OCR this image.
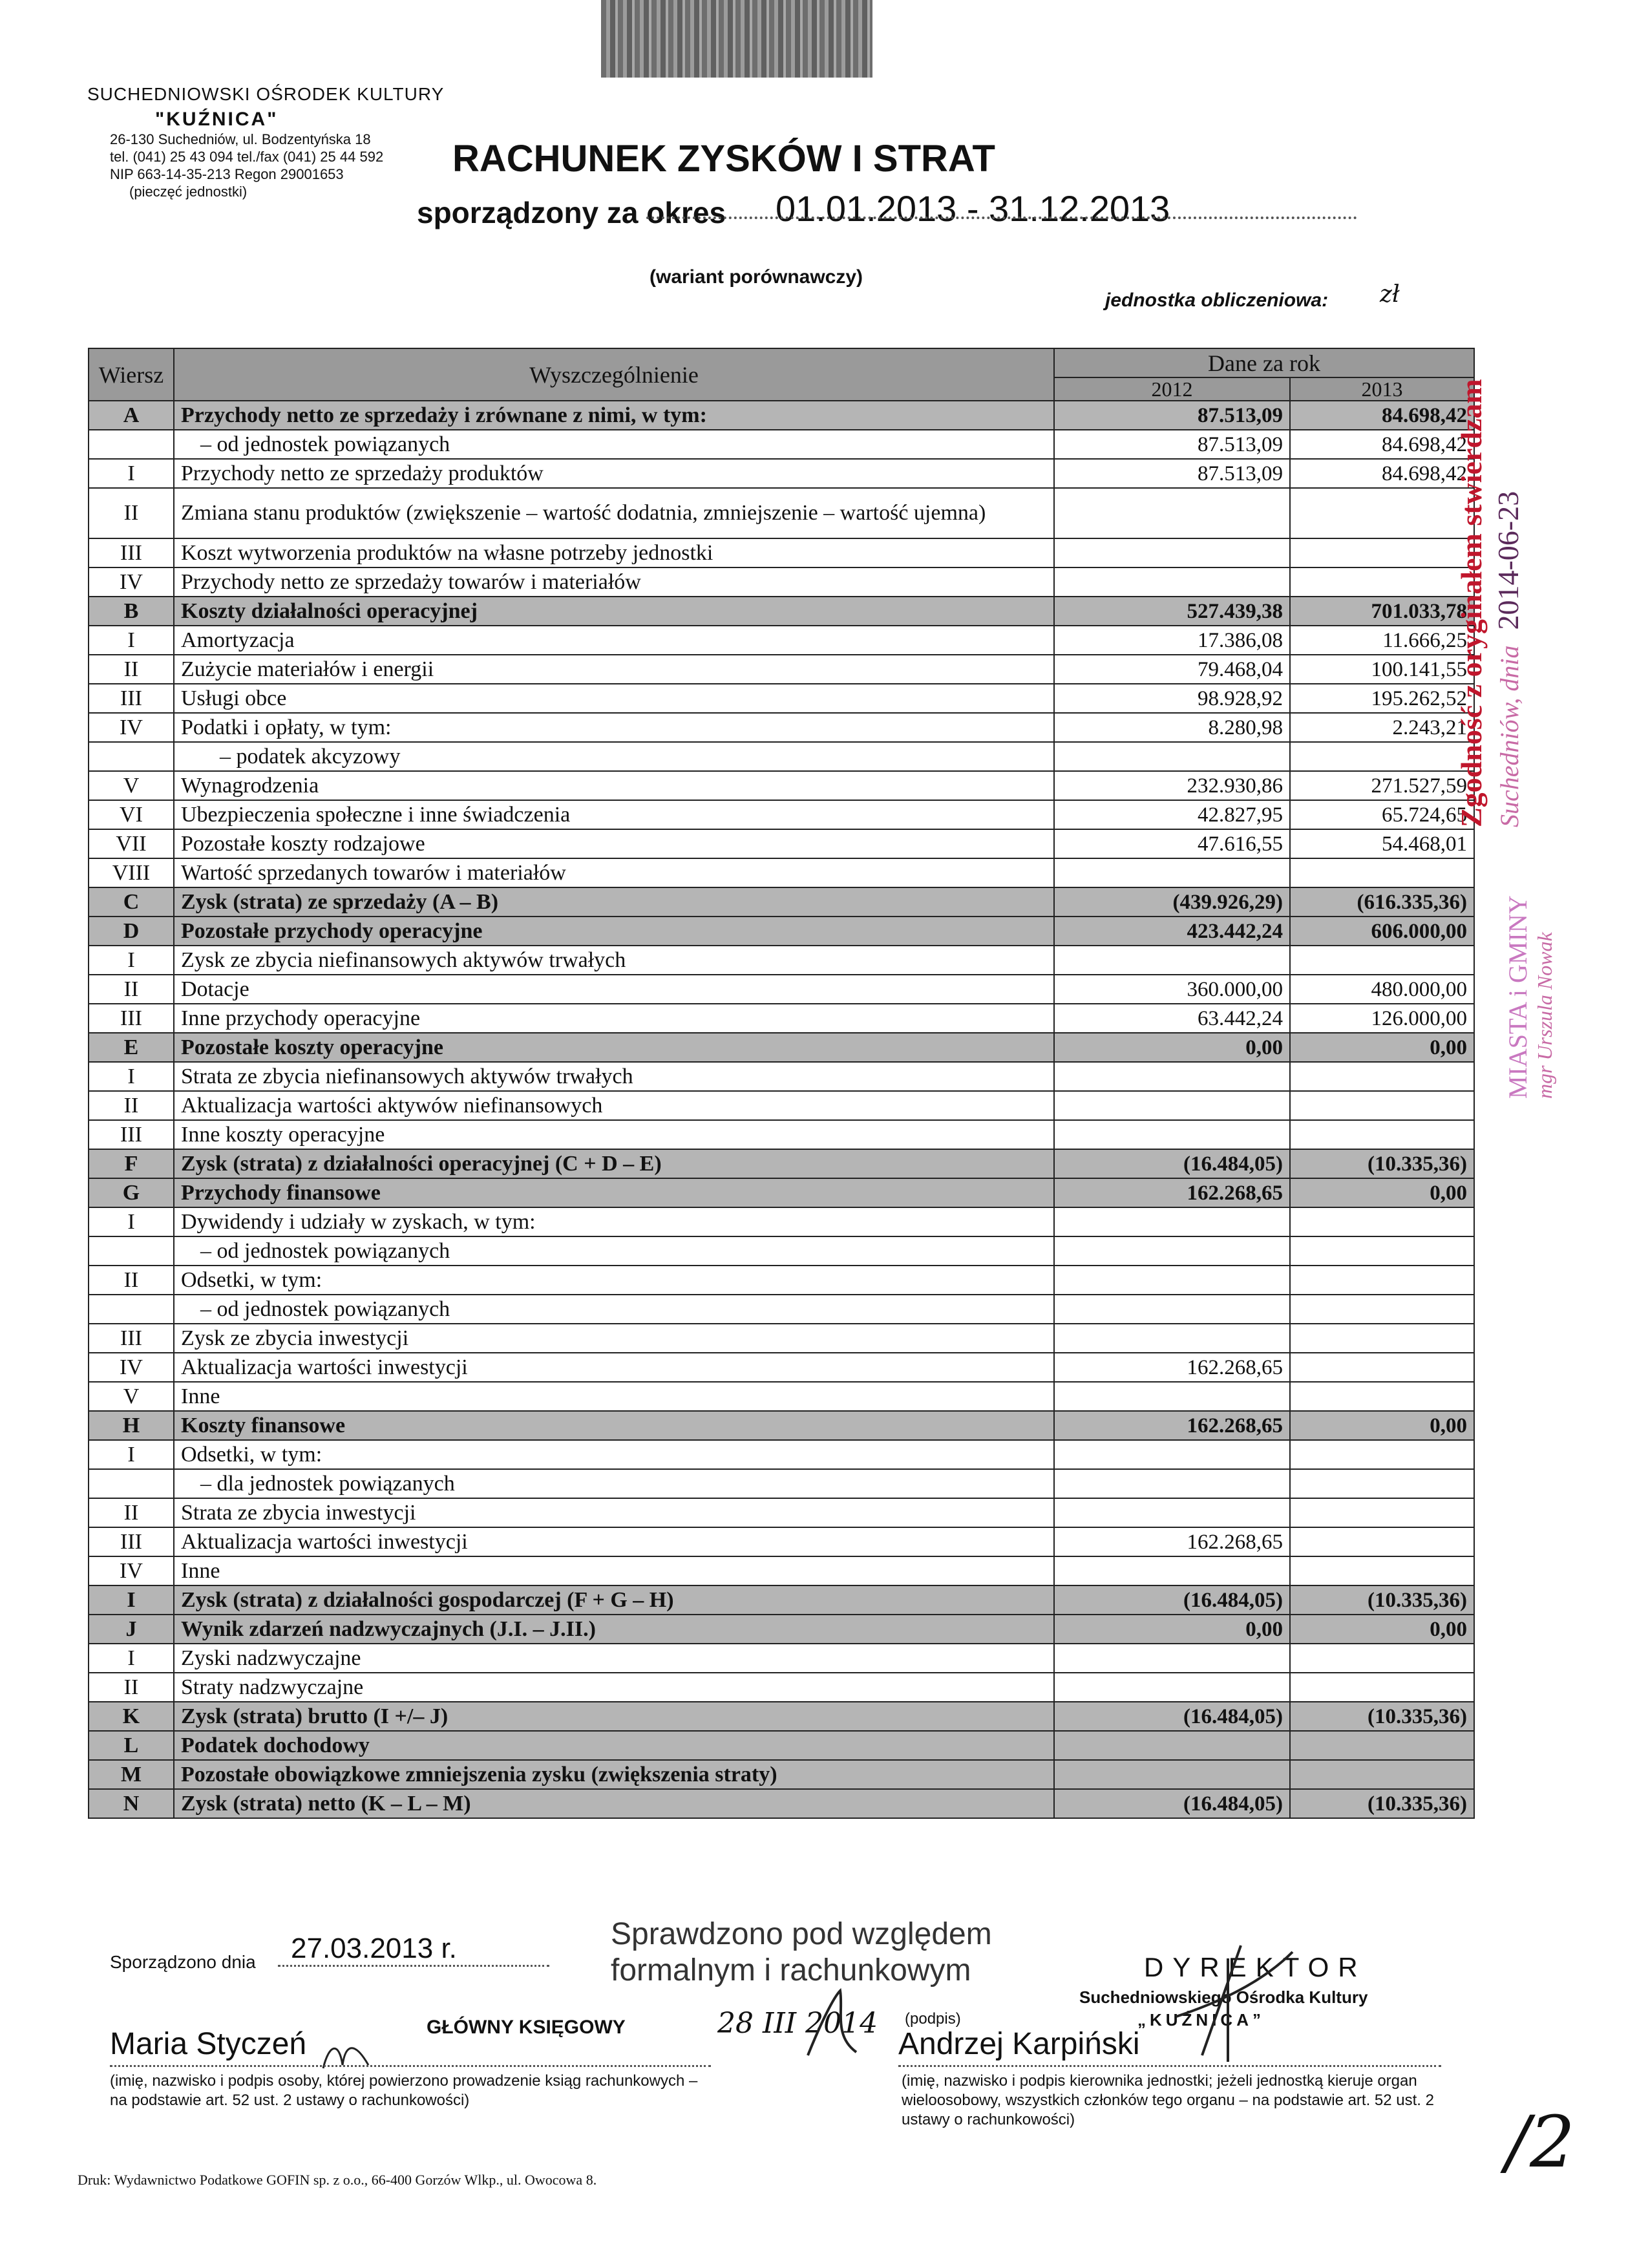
SUCHEDNIOWSKI OŚRODEK KULTURY
"KUŹNICA"
26-130 Suchedniów, ul. Bodzentyńska 18
tel. (041) 25 43 094 tel./fax (041) 25 44 592
NIP 663-14-35-213 Regon 29001653
(pieczęć jednostki)
RACHUNEK ZYSKÓW I STRAT
sporządzony za okres 01.01.2013 - 31.12.2013
(wariant porównawczy)
jednostka obliczeniowa: zł
Wiersz	Wyszczególnienie	Dane za rok	
		2012	2013
A	Przychody netto ze sprzedaży i zrównane z nimi, w tym:	87.513,09	84.698,42
	– od jednostek powiązanych	87.513,09	84.698,42
I	Przychody netto ze sprzedaży produktów	87.513,09	84.698,42
II	Zmiana stanu produktów (zwiększenie – wartość dodatnia, zmniejszenie – wartość ujemna)		
III	Koszt wytworzenia produktów na własne potrzeby jednostki		
IV	Przychody netto ze sprzedaży towarów i materiałów		
B	Koszty działalności operacyjnej	527.439,38	701.033,78
I	Amortyzacja	17.386,08	11.666,25
II	Zużycie materiałów i energii	79.468,04	100.141,55
III	Usługi obce	98.928,92	195.262,52
IV	Podatki i opłaty, w tym:	8.280,98	2.243,21
	– podatek akcyzowy		
V	Wynagrodzenia	232.930,86	271.527,59
VI	Ubezpieczenia społeczne i inne świadczenia	42.827,95	65.724,65
VII	Pozostałe koszty rodzajowe	47.616,55	54.468,01
VIII	Wartość sprzedanych towarów i materiałów		
C	Zysk (strata) ze sprzedaży (A – B)	(439.926,29)	(616.335,36)
D	Pozostałe przychody operacyjne	423.442,24	606.000,00
I	Zysk ze zbycia niefinansowych aktywów trwałych		
II	Dotacje	360.000,00	480.000,00
III	Inne przychody operacyjne	63.442,24	126.000,00
E	Pozostałe koszty operacyjne	0,00	0,00
I	Strata ze zbycia niefinansowych aktywów trwałych		
II	Aktualizacja wartości aktywów niefinansowych		
III	Inne koszty operacyjne		
F	Zysk (strata) z działalności operacyjnej (C + D – E)	(16.484,05)	(10.335,36)
G	Przychody finansowe	162.268,65	0,00
I	Dywidendy i udziały w zyskach, w tym:		
	– od jednostek powiązanych		
II	Odsetki, w tym:		
	– od jednostek powiązanych		
III	Zysk ze zbycia inwestycji		
IV	Aktualizacja wartości inwestycji	162.268,65	
V	Inne		
H	Koszty finansowe	162.268,65	0,00
I	Odsetki, w tym:		
	– dla jednostek powiązanych		
II	Strata ze zbycia inwestycji		
III	Aktualizacja wartości inwestycji	162.268,65	
IV	Inne		
I	Zysk (strata) z działalności gospodarczej (F + G – H)	(16.484,05)	(10.335,36)
J	Wynik zdarzeń nadzwyczajnych (J.I. – J.II.)	0,00	0,00
I	Zyski nadzwyczajne		
II	Straty nadzwyczajne		
K	Zysk (strata) brutto (I +/– J)	(16.484,05)	(10.335,36)
L	Podatek dochodowy		
M	Pozostałe obowiązkowe zmniejszenia zysku (zwiększenia straty)		
N	Zysk (strata) netto (K – L – M)	(16.484,05)	(10.335,36)
Sporządzono dnia 27.03.2013 r.	Sprawdzono pod względem
formalnym i rachunkowym	DYREKTOR
Suchedniowskiego Ośrodka Kultury
„KUŹNICA”
GŁÓWNY KSIĘGOWY	28 III 2014
Maria Styczeń	Andrzej Karpiński
(podpis)
(imię, nazwisko i podpis osoby, której powierzono prowadzenie ksiąg rachunkowych – na podstawie art. 52 ust. 2 ustawy o rachunkowości)
(imię, nazwisko i podpis kierownika jednostki; jeżeli jednostką kieruje organ wieloosobowy, wszystkich członków tego organu – na podstawie art. 52 ust. 2 ustawy o rachunkowości)	/2
Druk: Wydawnictwo Podatkowe GOFIN sp. z o.o., 66-400 Gorzów Wlkp., ul. Owocowa 8.
Zgodność z oryginałem stwierdzam Suchedniów, dnia 2014-06-23
MIASTA i GMINY mgr Urszula Nowak
